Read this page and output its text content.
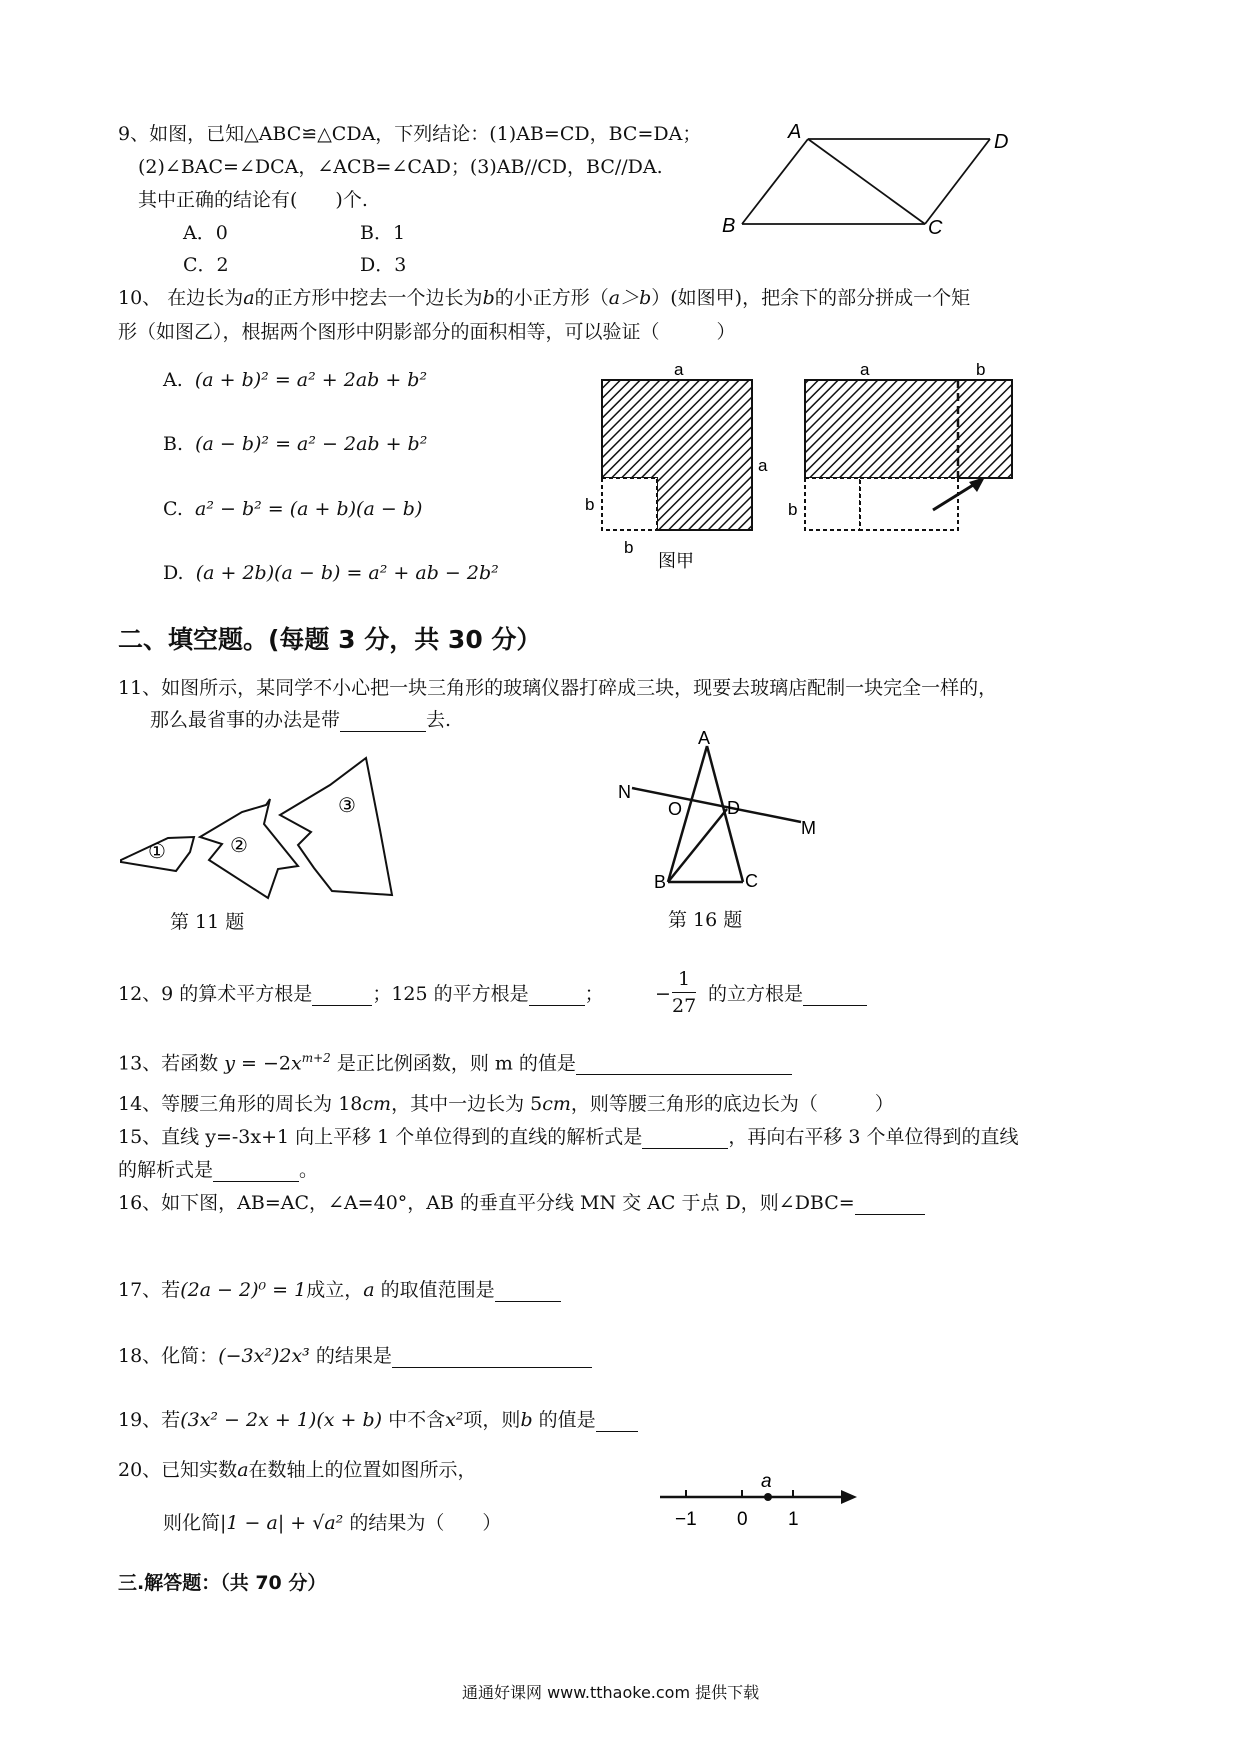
9、如图，已知△ABC≌△CDA，下列结论：(1)AB=CD，BC=DA；
(2)∠BAC=∠DCA，∠ACB=∠CAD；(3)AB//CD，BC//DA.
其中正确的结论有(　　)个.
A．0	B．1
C．2	D．3
A	D
B	C
10、 在边长为a的正方形中挖去一个边长为b的小正方形（a＞b）(如图甲)，把余下的部分拼成一个矩
形（如图乙），根据两个图形中阴影部分的面积相等，可以验证（　　　）
A. (a + b)² = a² + 2ab + b²
B. (a − b)² = a² − 2ab + b²
C. a² − b² = (a + b)(a − b)
D. (a + 2b)(a − b) = a² + ab − 2b²
a
a
b
b
图甲
a	b
b
二、填空题。(每题 3 分，共 30 分）
11、如图所示，某同学不小心把一块三角形的玻璃仪器打碎成三块，现要去玻璃店配制一块完全一样的，
那么最省事的办法是带	去.
①	②
③
第 11 题
A
N
O D
M
B	C
第 16 题
12、9 的算术平方根是	；125 的平方根是	；	− $\frac{1}{27}$ 的立方根是
13、若函数 $y = -2x^{m+2}$ 是正比例函数，则 m 的值是
14、等腰三角形的周长为 18cm，其中一边长为 5cm，则等腰三角形的底边长为（　　　）
15、直线 y=-3x+1 向上平移 1 个单位得到的直线的解析式是	，再向右平移 3 个单位得到的直线
的解析式是	。
16、如下图，AB=AC，∠A=40°，AB 的垂直平分线 MN 交 AC 于点 D，则∠DBC=
17、若(2a − 2)⁰ = 1成立，a 的取值范围是
18、化简：(−3x²)2x³ 的结果是
19、若(3x² − 2x + 1)(x + b) 中不含x²项，则b 的值是
20、已知实数a在数轴上的位置如图所示，
则化简|1 − a| + √a² 的结果为（　　）
a
−1 0 1
三.解答题：（共 70 分）
通通好课网 www.tthaoke.com 提供下载
